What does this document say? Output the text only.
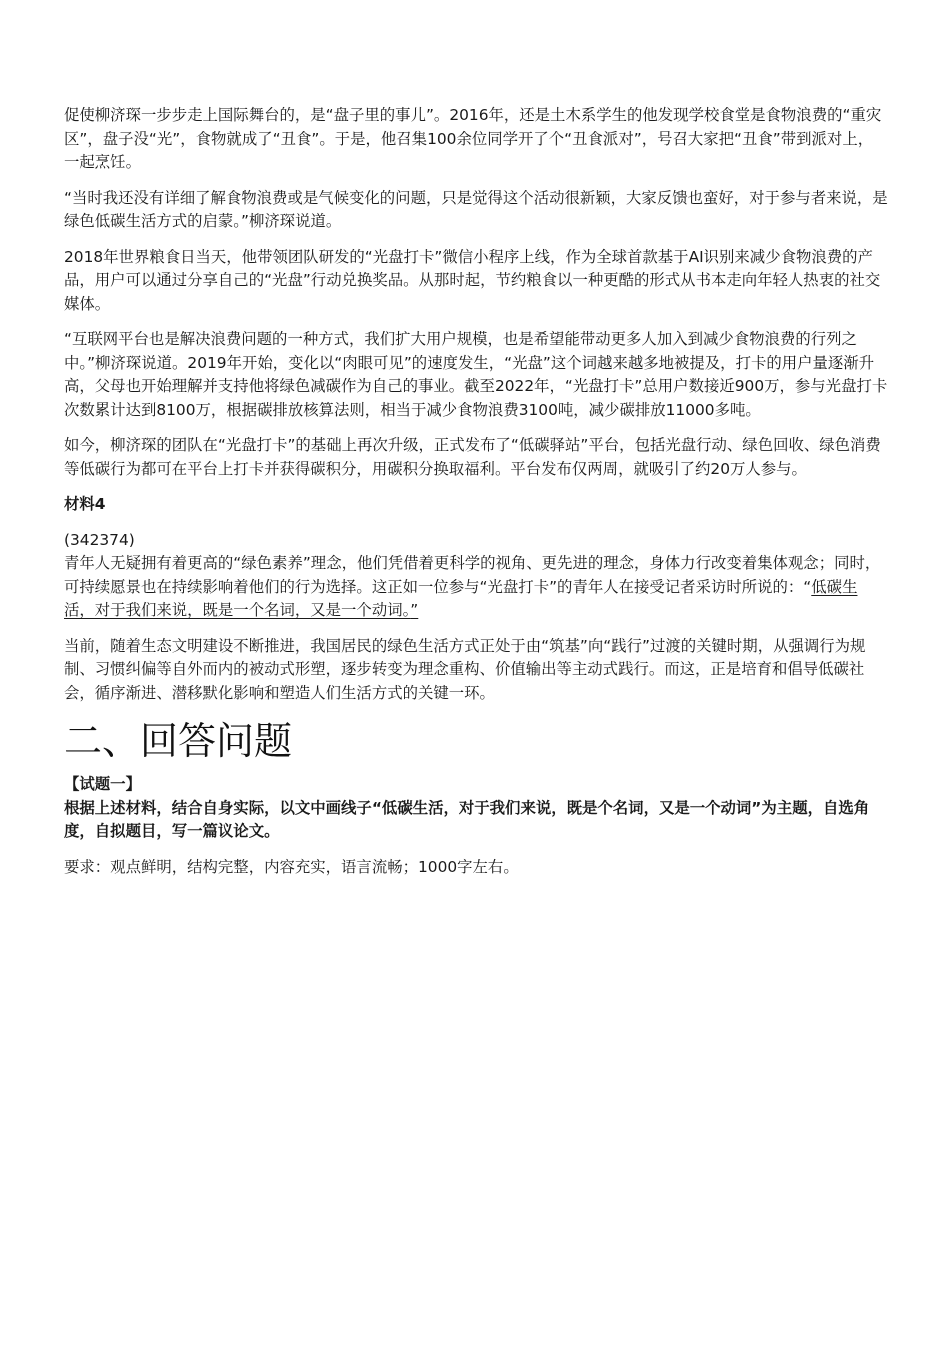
促使柳济琛一步步走上国际舞台的，是“盘子里的事儿”。2016年，还是土木系学生的他发现学校食堂是食物浪费的“重灾区”，盘子没“光”，食物就成了“丑食”。于是，他召集100余位同学开了个“丑食派对”，号召大家把“丑食”带到派对上，一起烹饪。

“当时我还没有详细了解食物浪费或是气候变化的问题，只是觉得这个活动很新颖，大家反馈也蛮好，对于参与者来说，是绿色低碳生活方式的启蒙。”柳济琛说道。

2018年世界粮食日当天，他带领团队研发的“光盘打卡”微信小程序上线，作为全球首款基于AI识别来减少食物浪费的产品，用户可以通过分享自己的“光盘”行动兑换奖品。从那时起，节约粮食以一种更酷的形式从书本走向年轻人热衷的社交媒体。

“互联网平台也是解决浪费问题的一种方式，我们扩大用户规模，也是希望能带动更多人加入到减少食物浪费的行列之中。”柳济琛说道。2019年开始，变化以“肉眼可见”的速度发生，“光盘”这个词越来越多地被提及，打卡的用户量逐渐升高，父母也开始理解并支持他将绿色减碳作为自己的事业。截至2022年，“光盘打卡”总用户数接近900万，参与光盘打卡次数累计达到8100万，根据碳排放核算法则，相当于减少食物浪费3100吨，减少碳排放11000多吨。

如今，柳济琛的团队在“光盘打卡”的基础上再次升级，正式发布了“低碳驿站”平台，包括光盘行动、绿色回收、绿色消费等低碳行为都可在平台上打卡并获得碳积分，用碳积分换取福利。平台发布仅两周，就吸引了约20万人参与。

材料4
(342374)

青年人无疑拥有着更高的“绿色素养”理念，他们凭借着更科学的视角、更先进的理念，身体力行改变着集体观念；同时，可持续愿景也在持续影响着他们的行为选择。这正如一位参与“光盘打卡”的青年人在接受记者采访时所说的：“低碳生活，对于我们来说，既是一个名词，又是一个动词。”

当前，随着生态文明建设不断推进，我国居民的绿色生活方式正处于由“筑基”向“践行”过渡的关键时期，从强调行为规制、习惯纠偏等自外而内的被动式形塑，逐步转变为理念重构、价值输出等主动式践行。而这，正是培育和倡导低碳社会，循序渐进、潜移默化影响和塑造人们生活方式的关键一环。

二、回答问题
【试题一】
根据上述材料，结合自身实际，以文中画线子“低碳生活，对于我们来说，既是个名词，又是一个动词”为主题，自选角度，自拟题目，写一篇议论文。

要求：观点鲜明，结构完整，内容充实，语言流畅；1000字左右。
